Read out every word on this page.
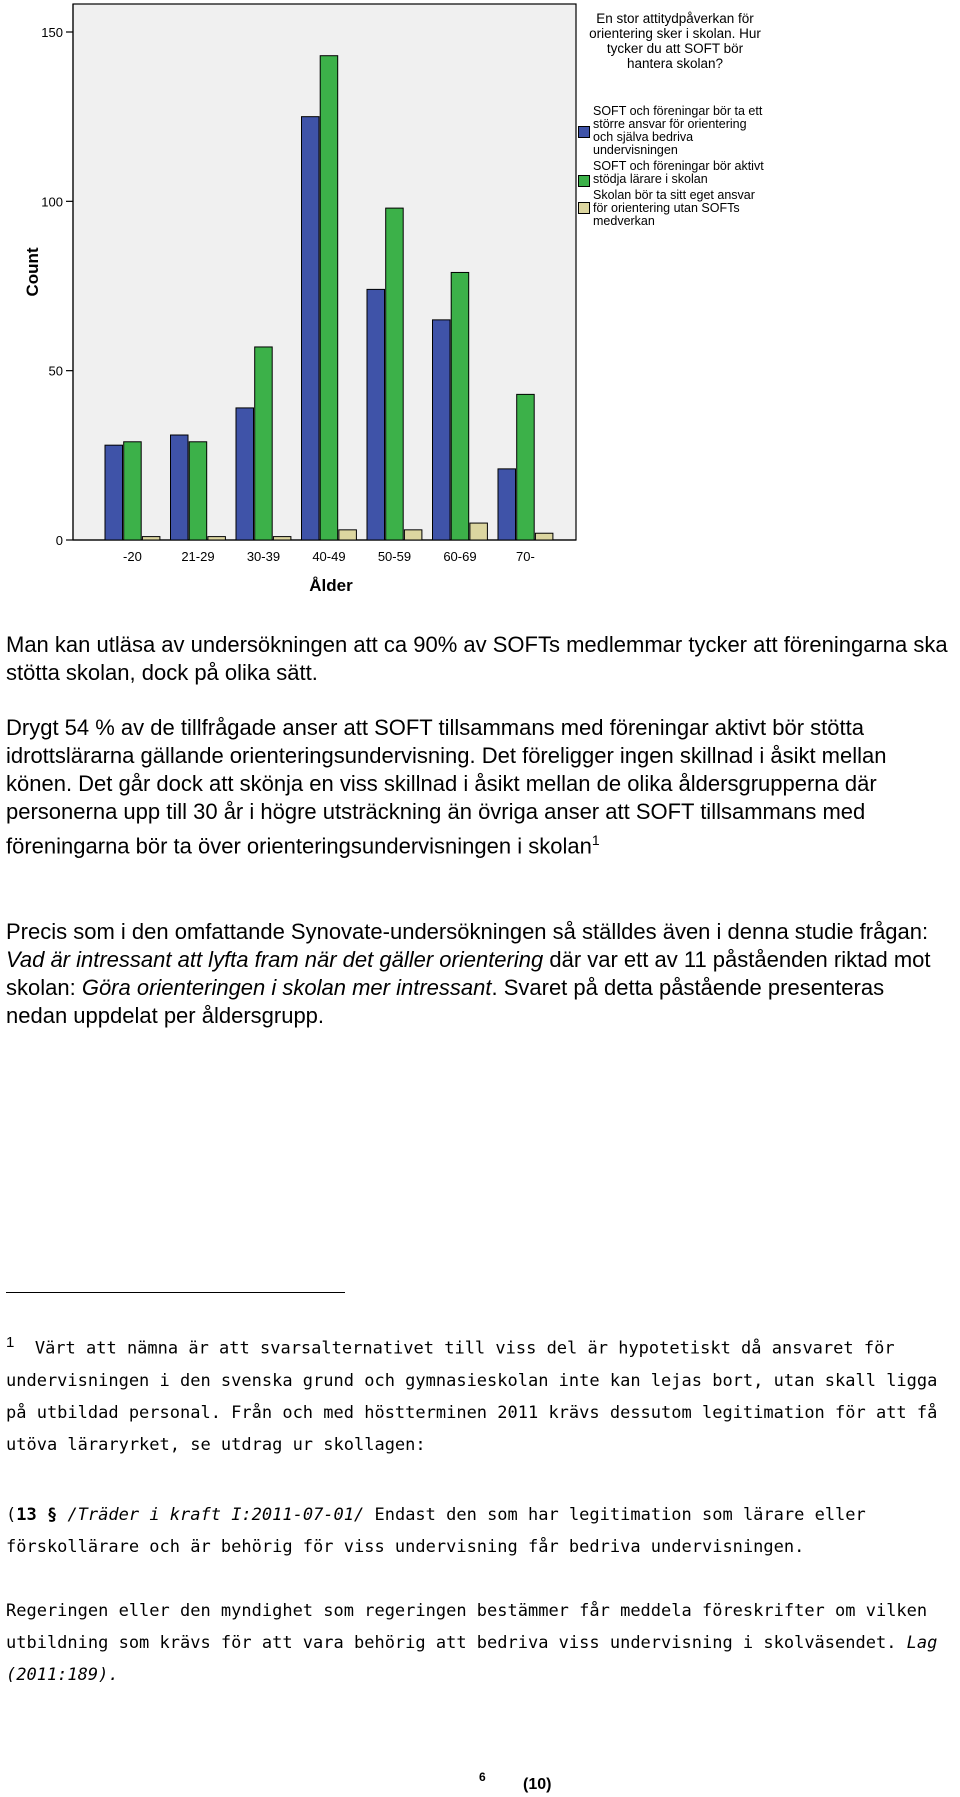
0
50
100
150
-20	21-29 30-39 40-49 50-59 60-69	70-
Count
Ålder
En stor attitydpåverkan för orientering sker i skolan. Hur tycker du att SOFT bör hantera skolan?
SOFT och föreningar bör ta ett större ansvar för orientering och själva bedriva undervisningen
SOFT och föreningar bör aktivt stödja lärare i skolan
Skolan bör ta sitt eget ansvar för orientering utan SOFTs medverkan

Man kan utläsa av undersökningen att ca 90% av SOFTs medlemmar tycker att föreningarna ska stötta skolan, dock på olika sätt.

Drygt 54 % av de tillfrågade anser att SOFT tillsammans med föreningar aktivt bör stötta idrottslärarna gällande orienteringsundervisning. Det föreligger ingen skillnad i åsikt mellan könen. Det går dock att skönja en viss skillnad i åsikt mellan de olika åldersgrupperna där personerna upp till 30 år i högre utsträckning än övriga anser att SOFT tillsammans med föreningarna bör ta över orienteringsundervisningen i skolan$^1$

Precis som i den omfattande Synovate-undersökningen så ställdes även i denna studie frågan: Vad är intressant att lyfta fram när det gäller orientering där var ett av 11 påståenden riktad mot skolan: Göra orienteringen i skolan mer intressant. Svaret på detta påstående presenteras nedan uppdelat per åldersgrupp.

$^1$ Värt att nämna är att svarsalternativet till viss del är hypotetiskt då ansvaret för undervisningen i den svenska grund och gymnasieskolan inte kan lejas bort, utan skall ligga på utbildad personal. Från och med höstterminen 2011 krävs dessutom legitimation för att få utöva läraryrket, se utdrag ur skollagen:

(13 § /Träder i kraft I:2011-07-01/ Endast den som har legitimation som lärare eller förskollärare och är behörig för viss undervisning får bedriva undervisningen.

Regeringen eller den myndighet som regeringen bestämmer får meddela föreskrifter om vilken utbildning som krävs för att vara behörig att bedriva viss undervisning i skolväsendet. Lag (2011:189).

6 (10)
